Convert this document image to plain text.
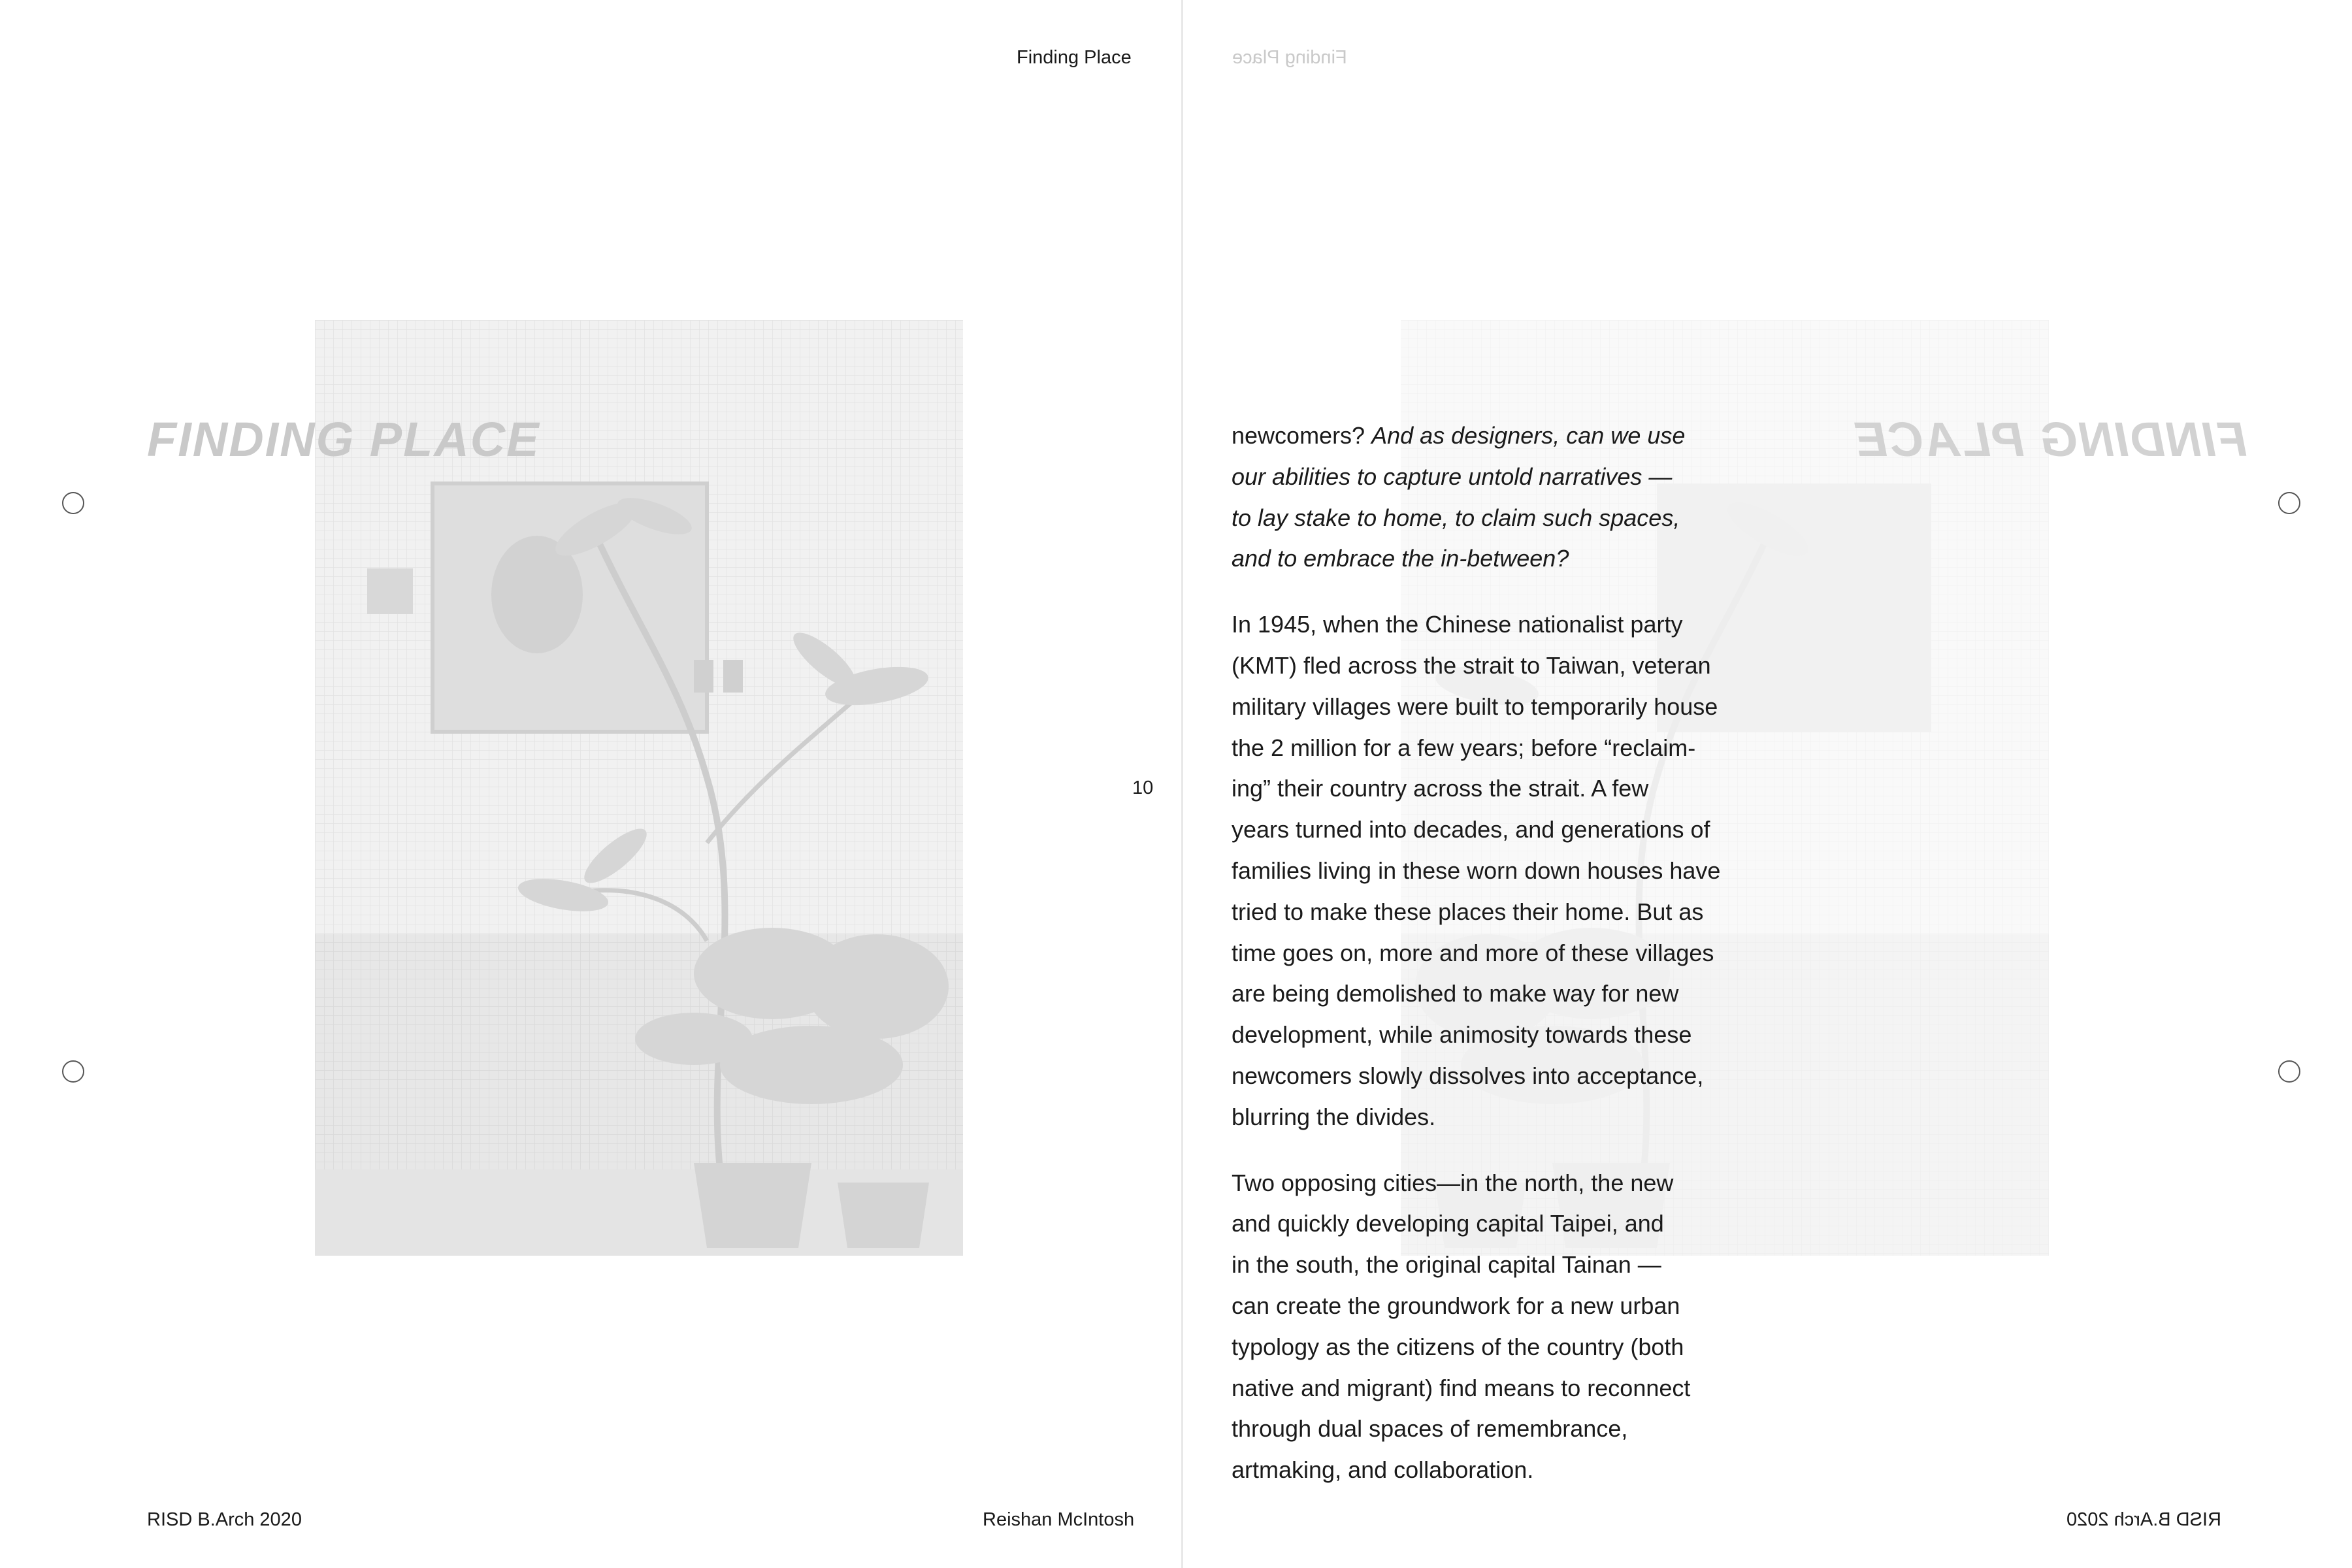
Finding Place	Finding Place
FINDING PLACE	FINDING PLACE
10

newcomers? And as designers, can we use
our abilities to capture untold narratives —
to lay stake to home, to claim such spaces,
and to embrace the in-between?

In 1945, when the Chinese nationalist party
(KMT) fled across the strait to Taiwan, veteran
military villages were built to temporarily house
the 2 million for a few years; before “reclaim-
ing” their country across the strait. A few
years turned into decades, and generations of
families living in these worn down houses have
tried to make these places their home. But as
time goes on, more and more of these villages
are being demolished to make way for new
development, while animosity towards these
newcomers slowly dissolves into acceptance,
blurring the divides.

Two opposing cities—in the north, the new
and quickly developing capital Taipei, and
in the south, the original capital Tainan —
can create the groundwork for a new urban
typology as the citizens of the country (both
native and migrant) find means to reconnect
through dual spaces of remembrance,
artmaking, and collaboration.

RISD B.Arch 2020	Reishan McIntosh	RISD B.Arch 2020
